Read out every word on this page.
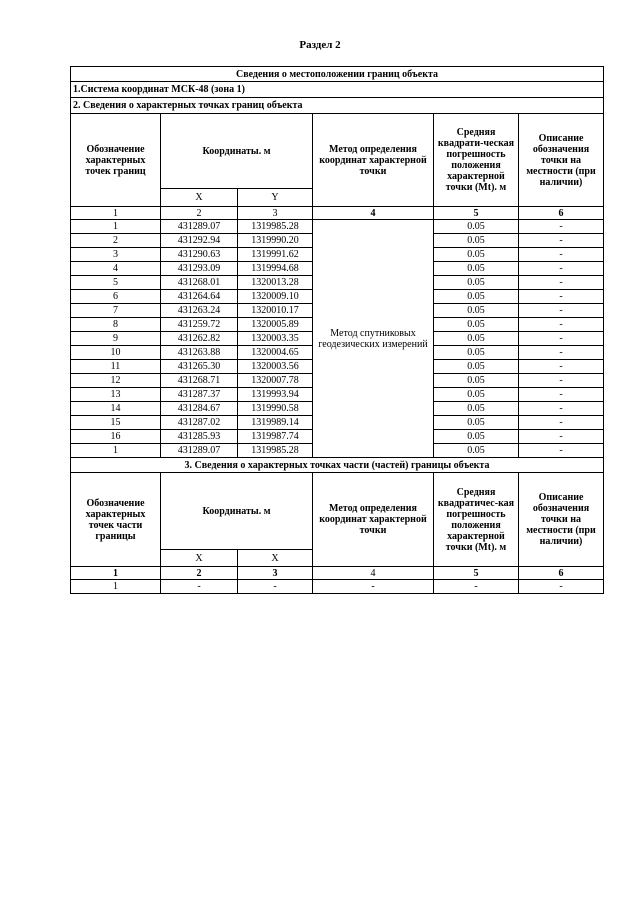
Раздел 2
Сведения о местоположении границ объекта					
1.Система координат МСК-48 (зона 1)					
2. Сведения о характерных точках границ объекта					
Обозначение характерных точек границ	Координаты. м		Метод определения координат характерной точки	Средняя квадрати-ческая погрешность положения характерной точки (Mt). м	Описание обозначения точки на местности (при наличии)
	X	Y			
1	2	3	4	5	6
1	431289.07	1319985.28	Метод спутниковых геодезических измерений	0.05	-
2	431292.94	1319990.20		0.05	-
3	431290.63	1319991.62		0.05	-
4	431293.09	1319994.68		0.05	-
5	431268.01	1320013.28		0.05	-
6	431264.64	1320009.10		0.05	-
7	431263.24	1320010.17		0.05	-
8	431259.72	1320005.89		0.05	-
9	431262.82	1320003.35		0.05	-
10	431263.88	1320004.65		0.05	-
11	431265.30	1320003.56		0.05	-
12	431268.71	1320007.78		0.05	-
13	431287.37	1319993.94		0.05	-
14	431284.67	1319990.58		0.05	-
15	431287.02	1319989.14		0.05	-
16	431285.93	1319987.74		0.05	-
1	431289.07	1319985.28		0.05	-
3. Сведения о характерных точках части (частей) границы объекта					
Обозначение характерных точек части границы	Координаты. м		Метод определения координат характерной точки	Средняя квадратичес-кая погрешность положения характерной точки (Mt). м	Описание обозначения точки на местности (при наличии)
	X	X			
1	2	3	4	5	6
1	-	-	-	-	-
